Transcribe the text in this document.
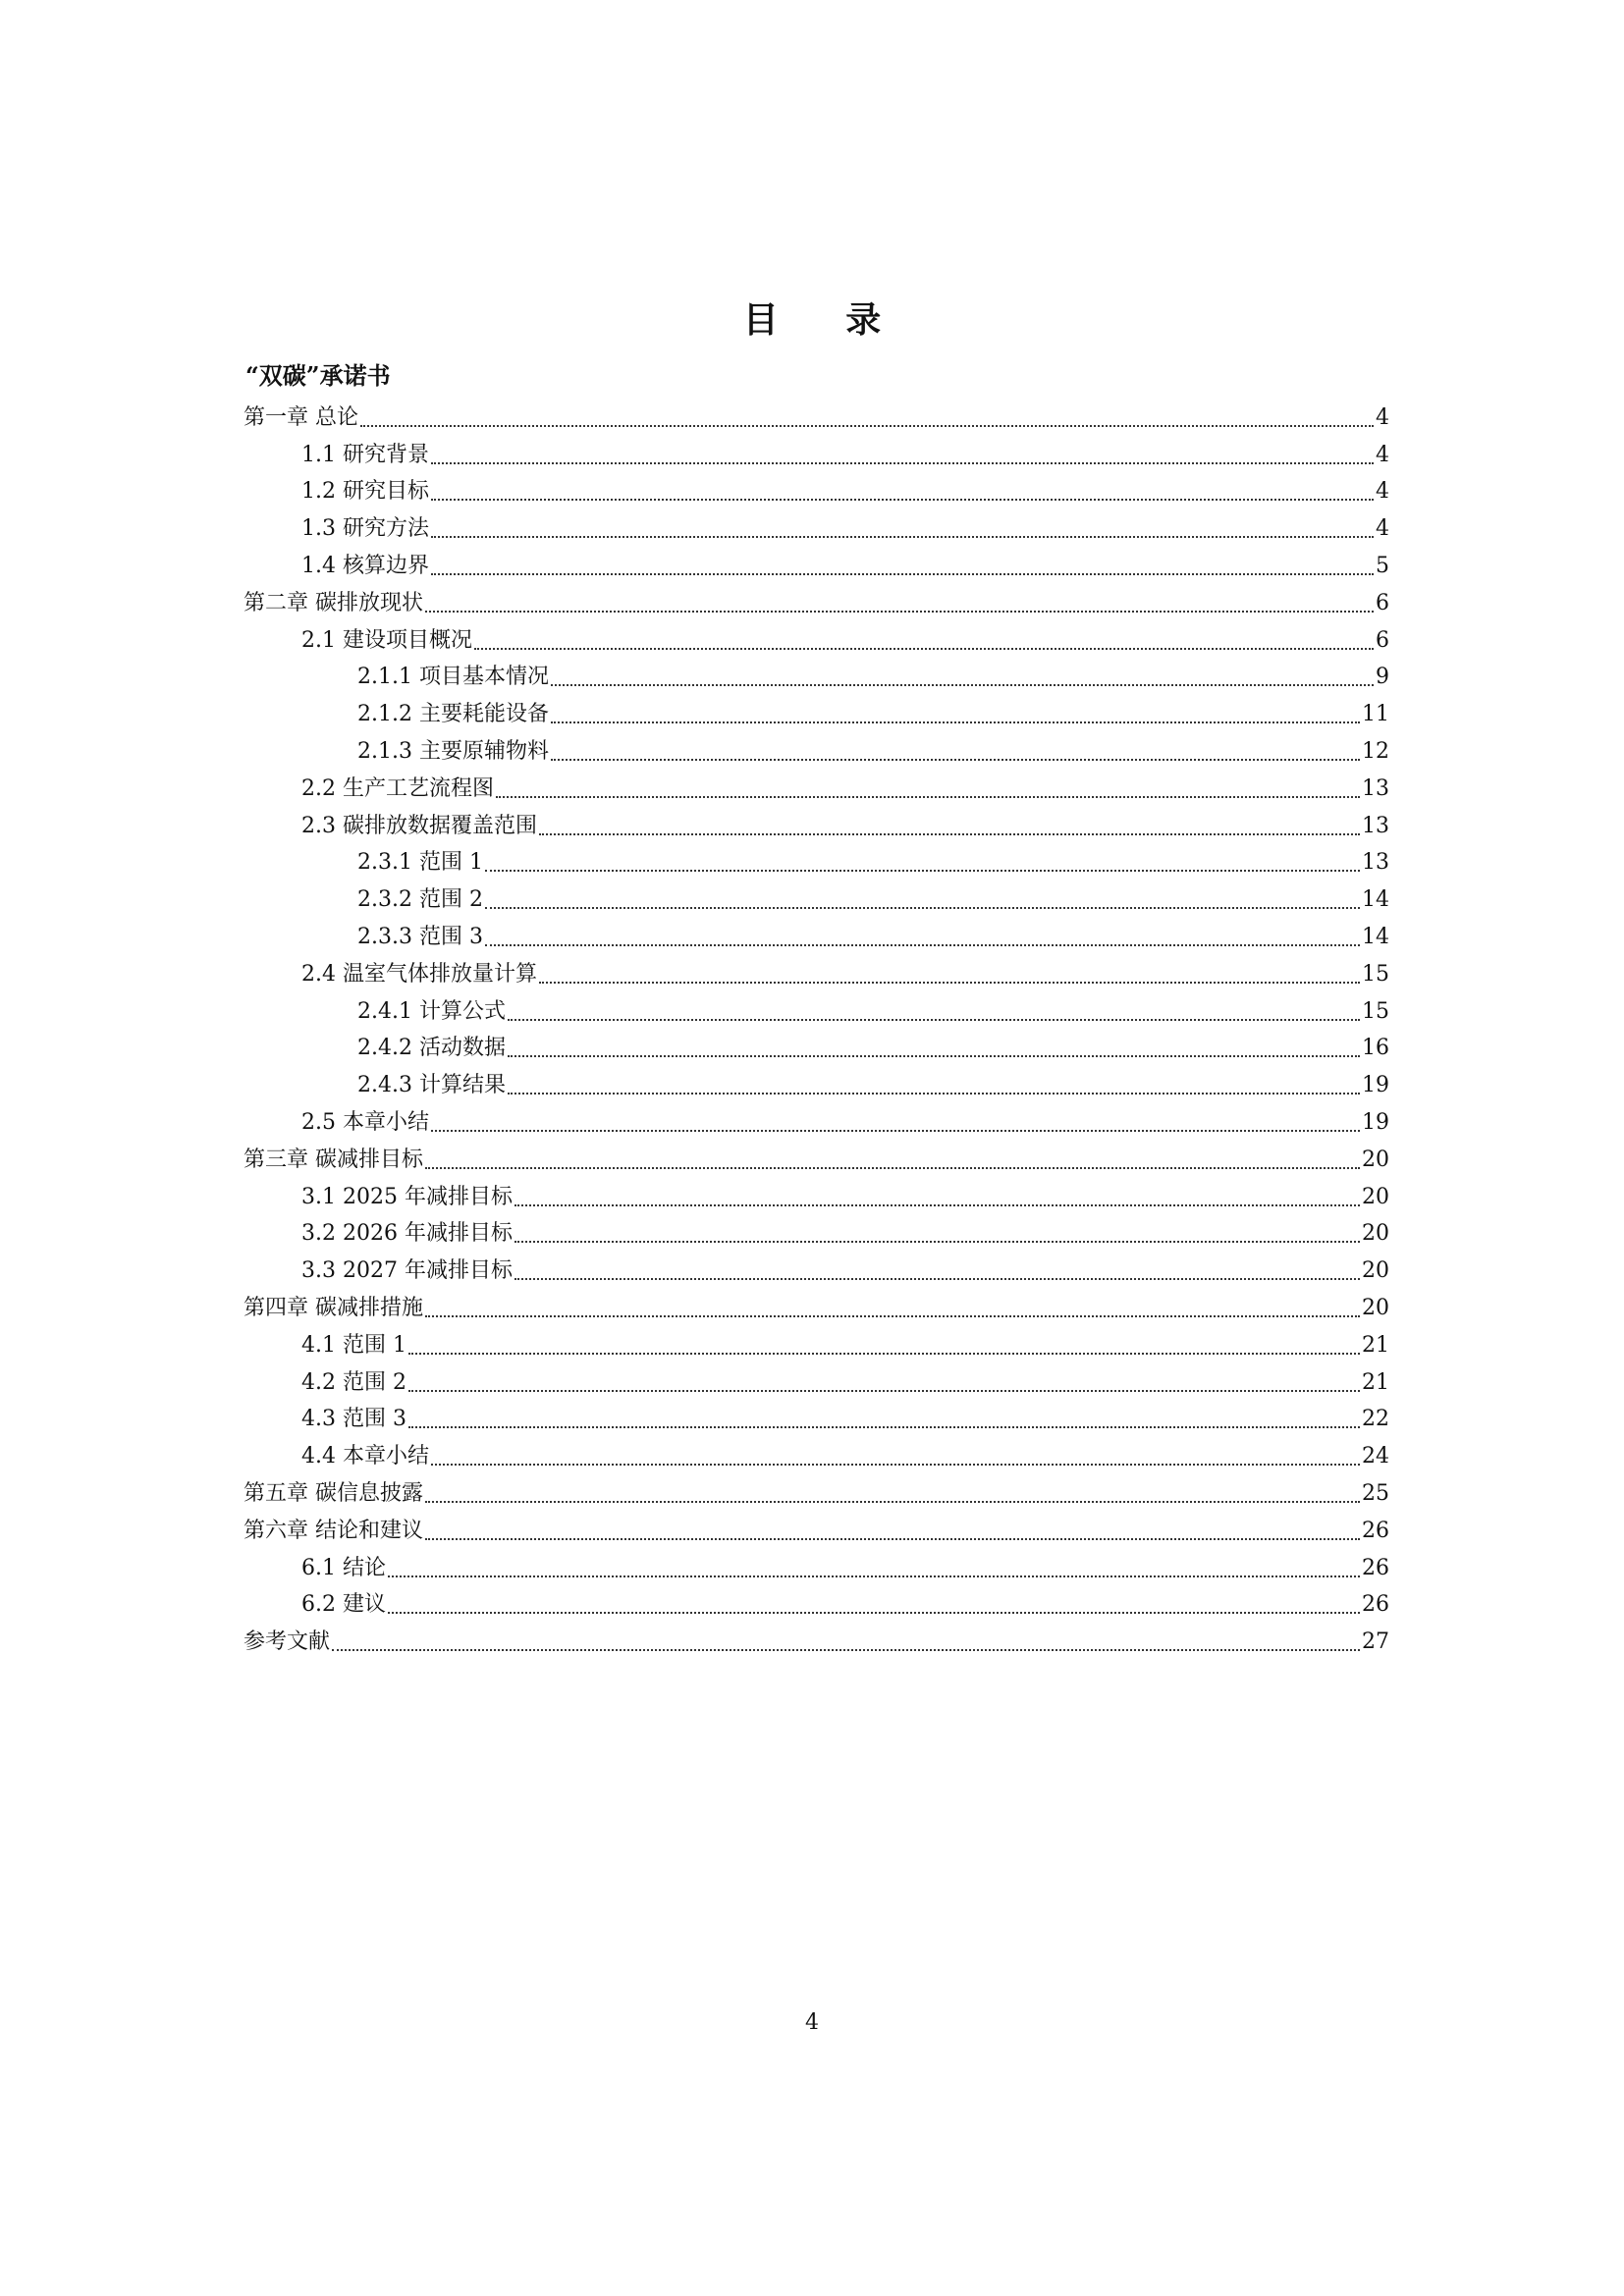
目 录
“双碳”承诺书
第一章 总论	4
1.1 研究背景	4
1.2 研究目标	4
1.3 研究方法	4
1.4 核算边界	5
第二章 碳排放现状	6
2.1 建设项目概况	6
2.1.1 项目基本情况	9
2.1.2 主要耗能设备	11
2.1.3 主要原辅物料	12
2.2 生产工艺流程图	13
2.3 碳排放数据覆盖范围	13
2.3.1 范围 1	13
2.3.2 范围 2	14
2.3.3 范围 3	14
2.4 温室气体排放量计算	15
2.4.1 计算公式	15
2.4.2 活动数据	16
2.4.3 计算结果	19
2.5 本章小结	19
第三章 碳减排目标	20
3.1 2025 年减排目标	20
3.2 2026 年减排目标	20
3.3 2027 年减排目标	20
第四章 碳减排措施	20
4.1 范围 1	21
4.2 范围 2	21
4.3 范围 3	22
4.4 本章小结	24
第五章 碳信息披露	25
第六章 结论和建议	26
6.1 结论	26
6.2 建议	26
参考文献	27
4
